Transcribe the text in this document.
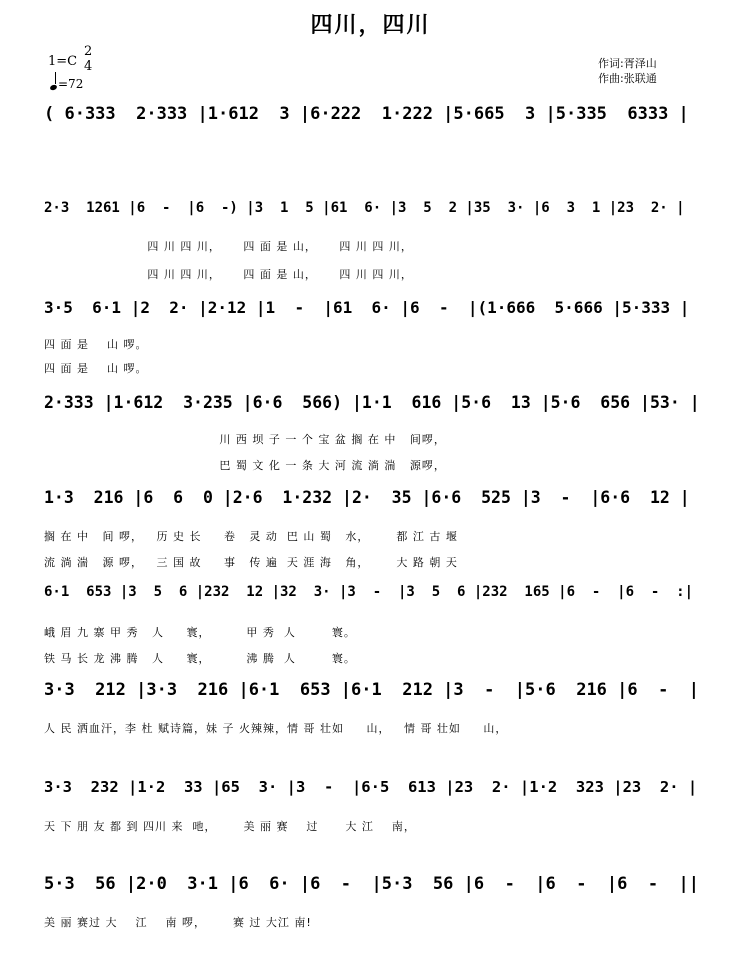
四川，四川
1=C
2
4
=72
作词:胥泽山
作曲:张联通
( 6·333  2·333 |1·612  3 |6·222  1·222 |5·665  3 |5·335  6333 |
2·3  1261 |6  -  |6  -) |3  1  5 |61  6· |3  5  2 |35  3· |6  3  1 |23  2· |
四 川 四 川，     四 面 是 山，     四 川 四 川，
四 川 四 川，     四 面 是 山，     四 川 四 川，
3·5  6·1 |2  2· |2·12 |1  -  |61  6· |6  -  |(1·666  5·666 |5·333 |
四 面 是    山 啰。
四 面 是    山 啰。
2·333 |1·612  3·235 |6·6  566) |1·1  616 |5·6  13 |5·6  656 |53· |
川 西 坝 子 一 个 宝 盆 搁 在 中   间啰，
巴 蜀 文 化 一 条 大 河 流 淌 湍   源啰，
1·3  216 |6  6  0 |2·6  1·232 |2·  35 |6·6  525 |3  -  |6·6  12 |
搁 在 中   间 啰，   历 史 长     卷   灵 动  巴 山 蜀   水，      都 江 古 堰
流 淌 湍   源 啰，   三 国 故     事   传 遍  天 涯 海   角，      大 路 朝 天
6·1  653 |3  5  6 |232  12 |32  3· |3  -  |3  5  6 |232  165 |6  -  |6  -  :|
峨 眉 九 寨 甲 秀   人     寰，        甲 秀  人        寰。
铁 马 长 龙 沸 腾   人     寰，        沸 腾  人        寰。
3·3  212 |3·3  216 |6·1  653 |6·1  212 |3  -  |5·6  216 |6  -  |
人 民 洒血汗，李 杜 赋诗篇，妹 子 火辣辣，情 哥 壮如     山，   情 哥 壮如     山，
3·3  232 |1·2  33 |65  3· |3  -  |6·5  613 |23  2· |1·2  323 |23  2· |
天 下 朋 友 都 到 四川 来  吔，      美 丽 赛    过      大 江    南，
5·3  56 |2·0  3·1 |6  6· |6  -  |5·3  56 |6  -  |6  -  |6  -  ||
美 丽 赛过 大    江    南 啰，      赛 过 大江 南!
